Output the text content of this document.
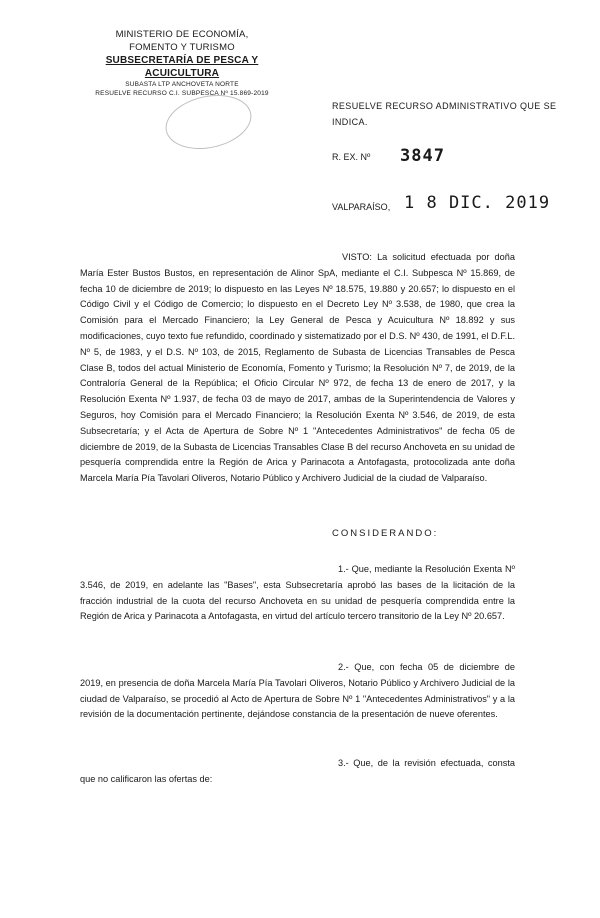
MINISTERIO DE ECONOMÍA,
FOMENTO Y TURISMO
SUBSECRETARÍA DE PESCA Y ACUICULTURA
SUBASTA LTP ANCHOVETA NORTE
RESUELVE RECURSO C.I. SUBPESCA Nº 15.869-2019
RESUELVE RECURSO ADMINISTRATIVO QUE SE INDICA.
R. EX. Nº 3847
VALPARAÍSO, 1 8 DIC. 2019
VISTO: La solicitud efectuada por doña María Ester Bustos Bustos, en representación de Alinor SpA, mediante el C.I. Subpesca Nº 15.869, de fecha 10 de diciembre de 2019; lo dispuesto en las Leyes Nº 18.575, 19.880 y 20.657; lo dispuesto en el Código Civil y el Código de Comercio; lo dispuesto en el Decreto Ley Nº 3.538, de 1980, que crea la Comisión para el Mercado Financiero; la Ley General de Pesca y Acuicultura Nº 18.892 y sus modificaciones, cuyo texto fue refundido, coordinado y sistematizado por el D.S. Nº 430, de 1991, el D.F.L. Nº 5, de 1983, y el D.S. Nº 103, de 2015, Reglamento de Subasta de Licencias Transables de Pesca Clase B, todos del actual Ministerio de Economía, Fomento y Turismo; la Resolución Nº 7, de 2019, de la Contraloría General de la República; el Oficio Circular Nº 972, de fecha 13 de enero de 2017, y la Resolución Exenta Nº 1.937, de fecha 03 de mayo de 2017, ambas de la Superintendencia de Valores y Seguros, hoy Comisión para el Mercado Financiero; la Resolución Exenta Nº 3.546, de 2019, de esta Subsecretaría; y el Acta de Apertura de Sobre Nº 1 "Antecedentes Administrativos" de fecha 05 de diciembre de 2019, de la Subasta de Licencias Transables Clase B del recurso Anchoveta en su unidad de pesquería comprendida entre la Región de Arica y Parinacota a Antofagasta, protocolizada ante doña Marcela María Pía Tavolari Oliveros, Notario Público y Archivero Judicial de la ciudad de Valparaíso.
CONSIDERANDO:
1.- Que, mediante la Resolución Exenta Nº 3.546, de 2019, en adelante las "Bases", esta Subsecretaría aprobó las bases de la licitación de la fracción industrial de la cuota del recurso Anchoveta en su unidad de pesquería comprendida entre la Región de Arica y Parinacota a Antofagasta, en virtud del artículo tercero transitorio de la Ley Nº 20.657.
2.- Que, con fecha 05 de diciembre de 2019, en presencia de doña Marcela María Pía Tavolari Oliveros, Notario Público y Archivero Judicial de la ciudad de Valparaíso, se procedió al Acto de Apertura de Sobre Nº 1 "Antecedentes Administrativos" y a la revisión de la documentación pertinente, dejándose constancia de la presentación de nueve oferentes.
3.- Que, de la revisión efectuada, consta que no calificaron las ofertas de:
